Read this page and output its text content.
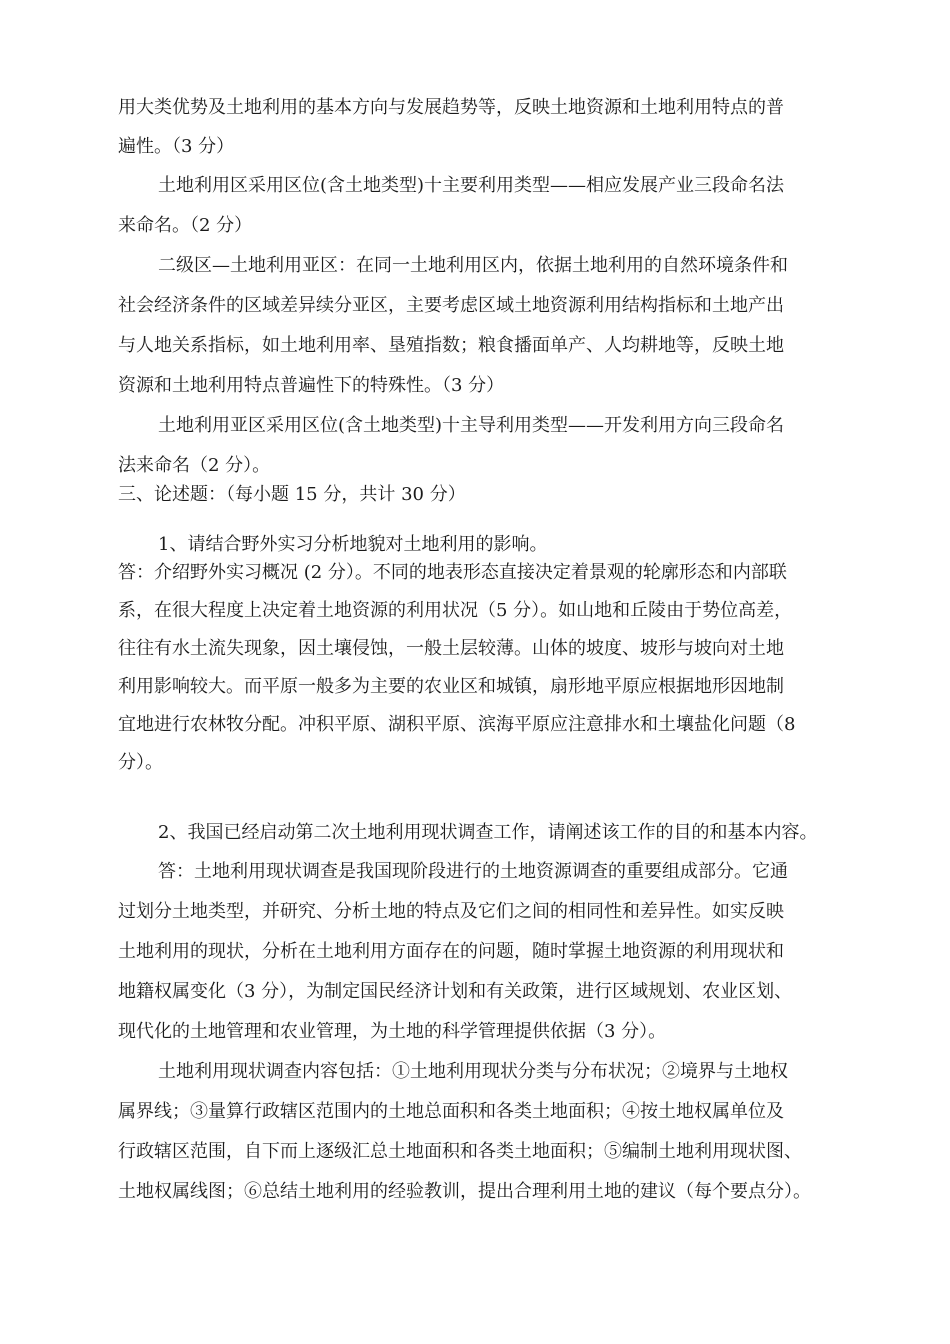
用大类优势及土地利用的基本方向与发展趋势等，反映土地资源和土地利用特点的普
遍性。（3 分）
土地利用区采用区位(含土地类型)十主要利用类型——相应发展产业三段命名法
来命名。（2 分）
二级区—土地利用亚区：在同一土地利用区内，依据土地利用的自然环境条件和
社会经济条件的区域差异续分亚区，主要考虑区域土地资源利用结构指标和土地产出
与人地关系指标，如土地利用率、垦殖指数；粮食播面单产、人均耕地等，反映土地
资源和土地利用特点普遍性下的特殊性。（3 分）
土地利用亚区采用区位(含土地类型)十主导利用类型——开发利用方向三段命名
法来命名（2 分）。
三、论述题：（每小题 15 分，共计 30 分）
1、请结合野外实习分析地貌对土地利用的影响。
答：介绍野外实习概况 (2 分）。不同的地表形态直接决定着景观的轮廓形态和内部联
系，在很大程度上决定着土地资源的利用状况（5 分）。如山地和丘陵由于势位高差，
往往有水土流失现象，因土壤侵蚀，一般土层较薄。山体的坡度、坡形与坡向对土地
利用影响较大。而平原一般多为主要的农业区和城镇，扇形地平原应根据地形因地制
宜地进行农林牧分配。冲积平原、湖积平原、滨海平原应注意排水和土壤盐化问题（8
分）。
2、我国已经启动第二次土地利用现状调查工作，请阐述该工作的目的和基本内容。
答：土地利用现状调查是我国现阶段进行的土地资源调查的重要组成部分。它通
过划分土地类型，并研究、分析土地的特点及它们之间的相同性和差异性。如实反映
土地利用的现状，分析在土地利用方面存在的问题，随时掌握土地资源的利用现状和
地籍权属变化（3 分），为制定国民经济计划和有关政策，进行区域规划、农业区划、
现代化的土地管理和农业管理，为土地的科学管理提供依据（3 分）。
土地利用现状调查内容包括：①土地利用现状分类与分布状况；②境界与土地权
属界线；③量算行政辖区范围内的土地总面积和各类土地面积；④按土地权属单位及
行政辖区范围，自下而上逐级汇总土地面积和各类土地面积；⑤编制土地利用现状图、
土地权属线图；⑥总结土地利用的经验教训，提出合理利用土地的建议（每个要点分）。
